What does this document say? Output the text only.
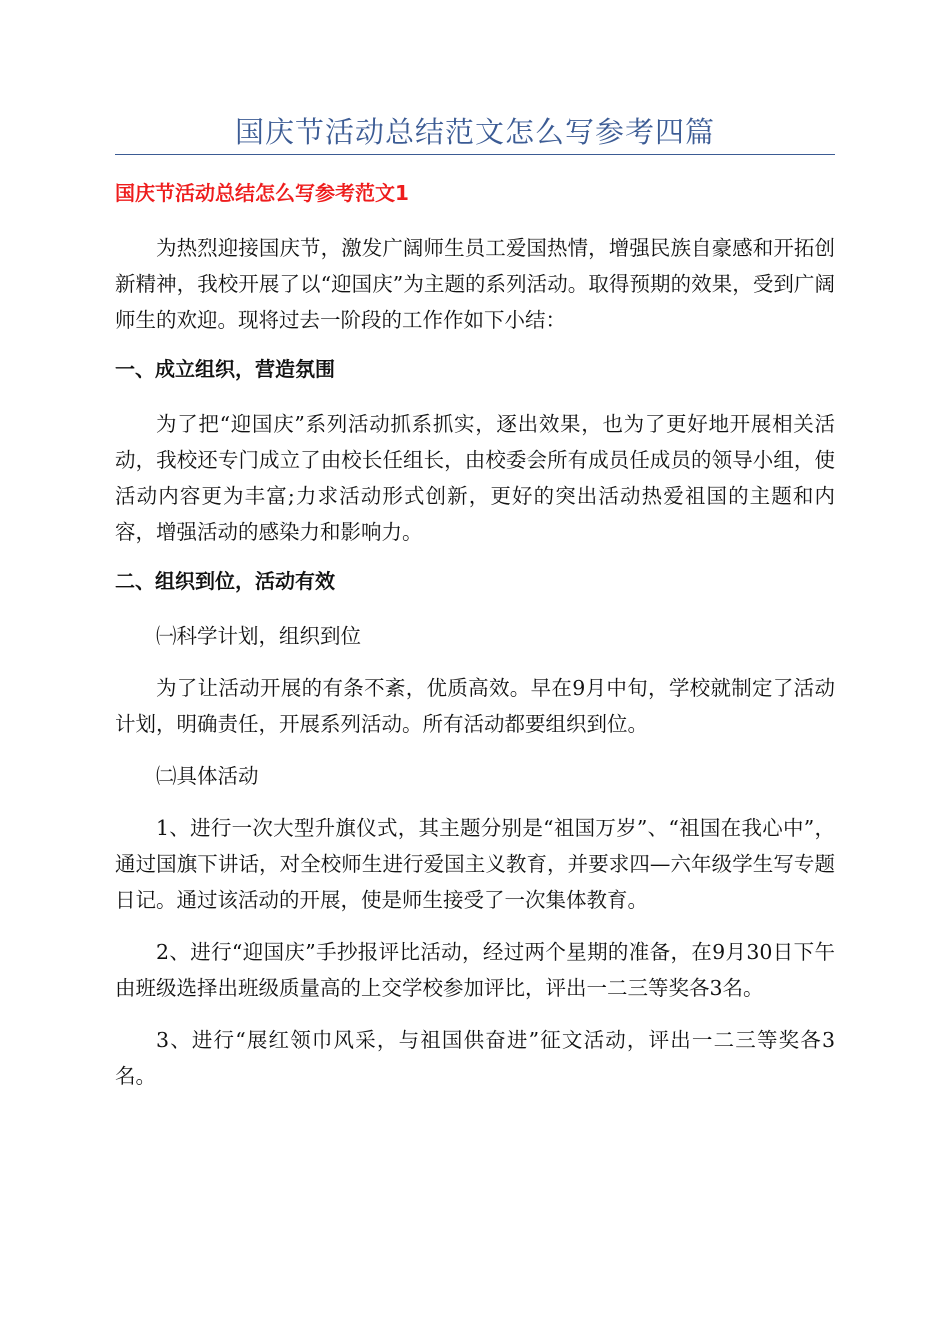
国庆节活动总结范文怎么写参考四篇
国庆节活动总结怎么写参考范文1

为热烈迎接国庆节，激发广阔师生员工爱国热情，增强民族自豪感和开拓创新精神，我校开展了以“迎国庆”为主题的系列活动。取得预期的效果，受到广阔师生的欢迎。现将过去一阶段的工作作如下小结：

一、成立组织，营造氛围

为了把“迎国庆”系列活动抓系抓实，逐出效果，也为了更好地开展相关活动，我校还专门成立了由校长任组长，由校委会所有成员任成员的领导小组，使活动内容更为丰富;力求活动形式创新，更好的突出活动热爱祖国的主题和内容，增强活动的感染力和影响力。

二、组织到位，活动有效

㈠科学计划，组织到位

为了让活动开展的有条不紊，优质高效。早在9月中旬，学校就制定了活动计划，明确责任，开展系列活动。所有活动都要组织到位。

㈡具体活动

1、进行一次大型升旗仪式，其主题分别是“祖国万岁”、“祖国在我心中”，通过国旗下讲话，对全校师生进行爱国主义教育，并要求四—六年级学生写专题日记。通过该活动的开展，使是师生接受了一次集体教育。

2、进行“迎国庆”手抄报评比活动，经过两个星期的准备，在9月30日下午由班级选择出班级质量高的上交学校参加评比，评出一二三等奖各3名。

3、进行“展红领巾风采，与祖国供奋进”征文活动，评出一二三等奖各3名。
